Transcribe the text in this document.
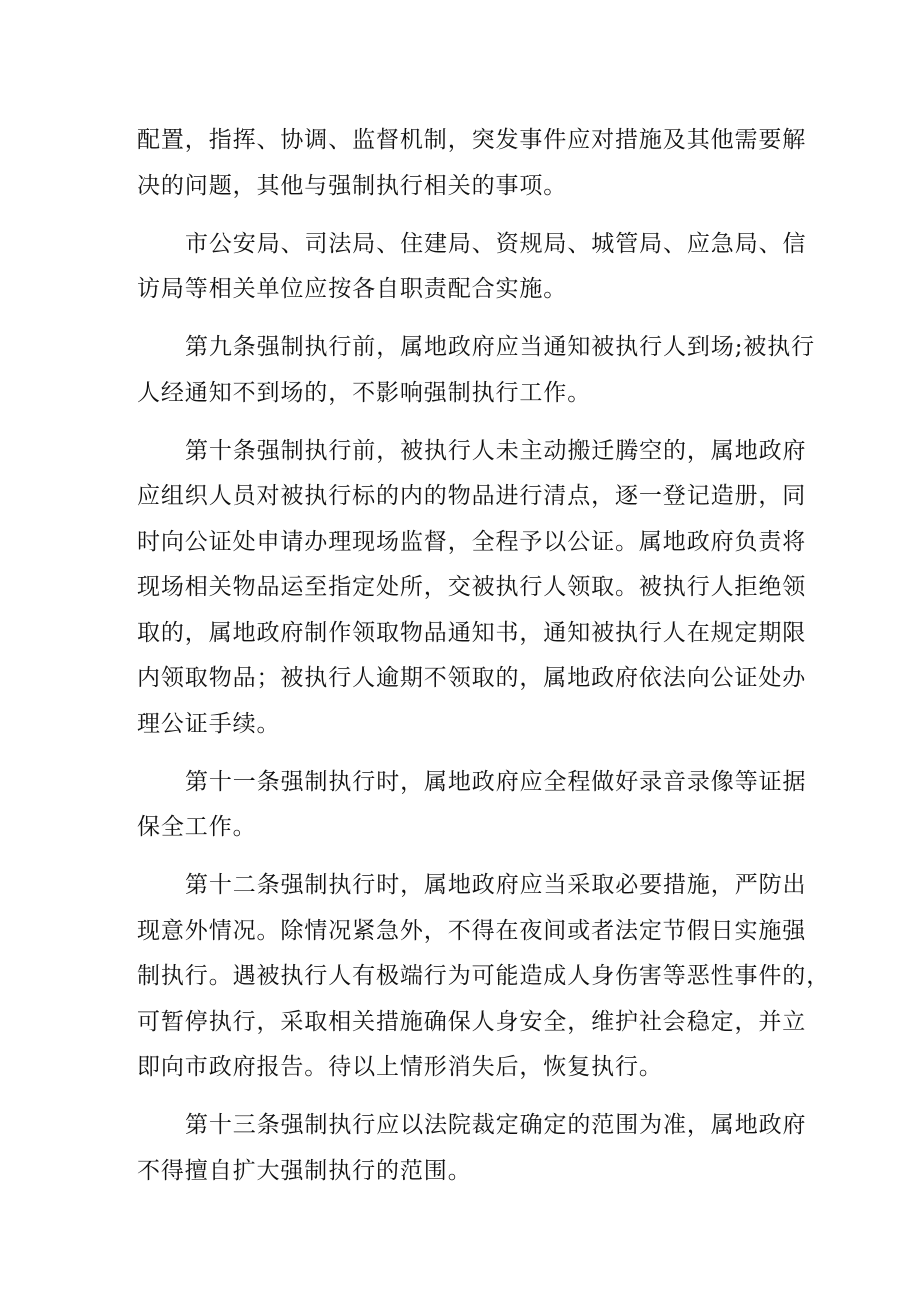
配置，指挥、协调、监督机制，突发事件应对措施及其他需要解
决的问题，其他与强制执行相关的事项。
市公安局、司法局、住建局、资规局、城管局、应急局、信
访局等相关单位应按各自职责配合实施。
第九条强制执行前，属地政府应当通知被执行人到场;被执行
人经通知不到场的，不影响强制执行工作。
第十条强制执行前，被执行人未主动搬迁腾空的，属地政府
应组织人员对被执行标的内的物品进行清点，逐一登记造册，同
时向公证处申请办理现场监督，全程予以公证。属地政府负责将
现场相关物品运至指定处所，交被执行人领取。被执行人拒绝领
取的，属地政府制作领取物品通知书，通知被执行人在规定期限
内领取物品；被执行人逾期不领取的，属地政府依法向公证处办
理公证手续。
第十一条强制执行时，属地政府应全程做好录音录像等证据
保全工作。
第十二条强制执行时，属地政府应当采取必要措施，严防出
现意外情况。除情况紧急外，不得在夜间或者法定节假日实施强
制执行。遇被执行人有极端行为可能造成人身伤害等恶性事件的，
可暂停执行，采取相关措施确保人身安全，维护社会稳定，并立
即向市政府报告。待以上情形消失后，恢复执行。
第十三条强制执行应以法院裁定确定的范围为准，属地政府
不得擅自扩大强制执行的范围。
